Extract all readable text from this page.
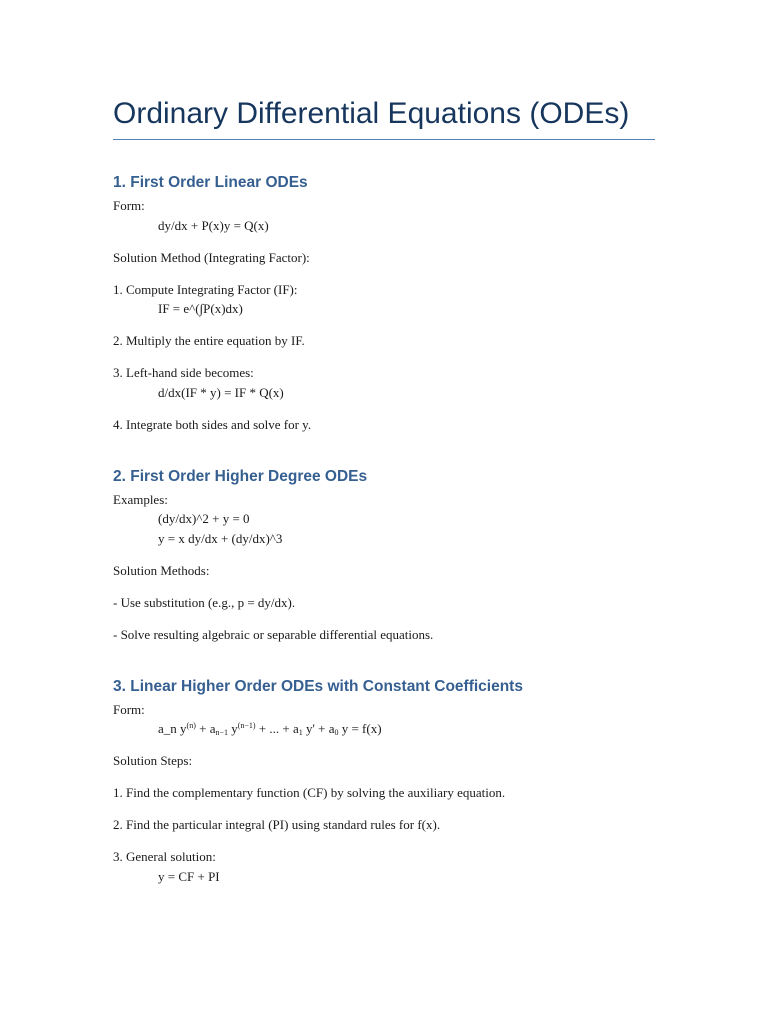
Ordinary Differential Equations (ODEs)
1. First Order Linear ODEs

Form:

dy/dx + P(x)y = Q(x)

Solution Method (Integrating Factor):

1. Compute Integrating Factor (IF):

IF = e^(∫P(x)dx)

2. Multiply the entire equation by IF.

3. Left-hand side becomes:

d/dx(IF * y) = IF * Q(x)

4. Integrate both sides and solve for y.

2. First Order Higher Degree ODEs

Examples:

(dy/dx)^2 + y = 0

y = x dy/dx + (dy/dx)^3

Solution Methods:

- Use substitution (e.g., p = dy/dx).

- Solve resulting algebraic or separable differential equations.

3. Linear Higher Order ODEs with Constant Coefficients

Form:

a_n $y^{(n)} + a_{n-1}$ $y^{(n-1)}$ + ... + $a_1$ $y' + a_0$ y = f(x)

Solution Steps:

1. Find the complementary function (CF) by solving the auxiliary equation.

2. Find the particular integral (PI) using standard rules for f(x).

3. General solution:

y = CF + PI
